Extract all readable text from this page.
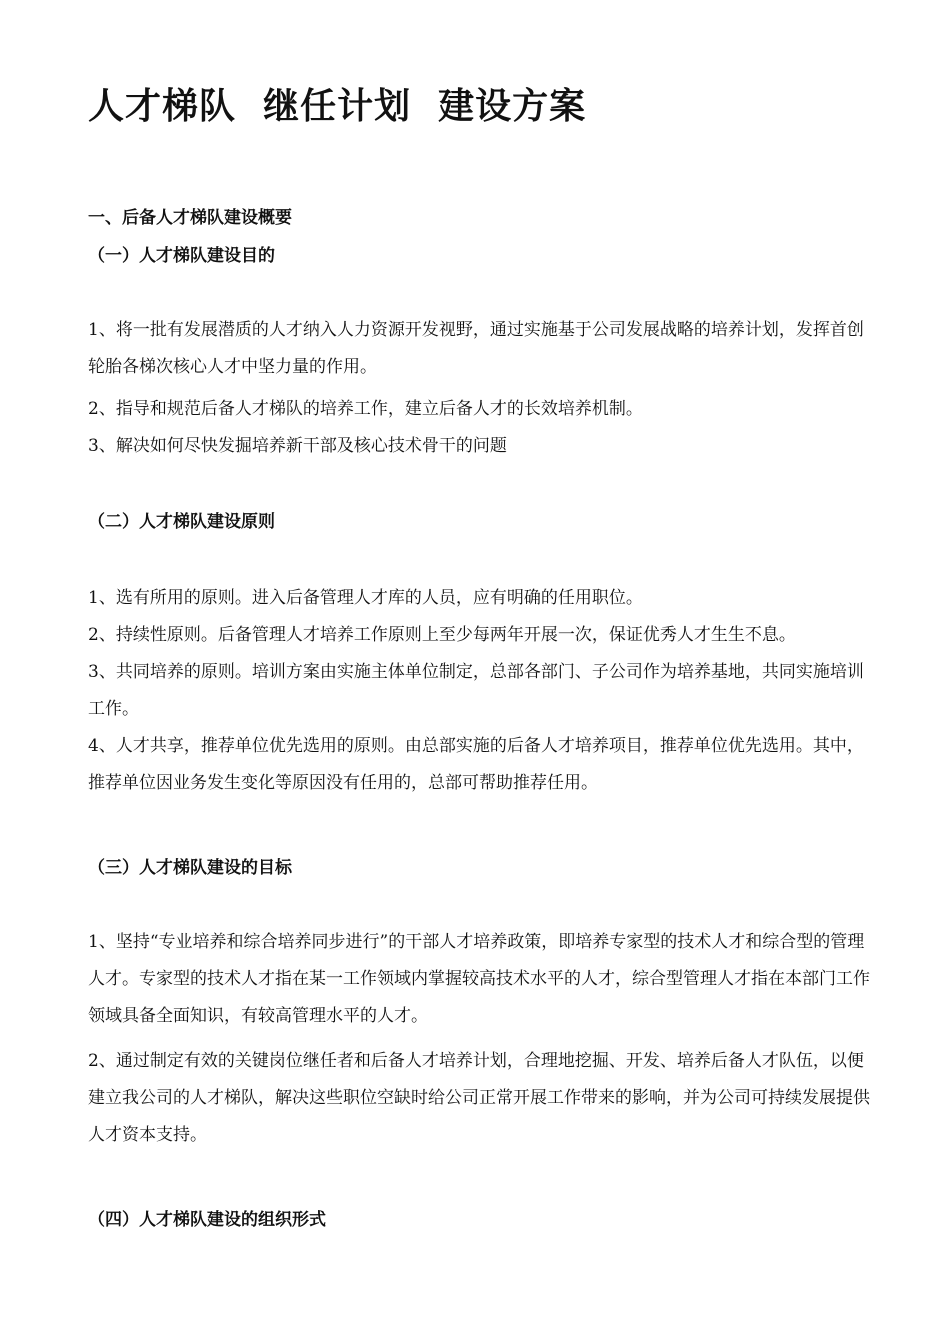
人才梯队  继任计划  建设方案
一、后备人才梯队建设概要
（一）人才梯队建设目的

1、将一批有发展潜质的人才纳入人力资源开发视野，通过实施基于公司发展战略的培养计划，发挥首创轮胎各梯次核心人才中坚力量的作用。

2、指导和规范后备人才梯队的培养工作，建立后备人才的长效培养机制。

3、解决如何尽快发掘培养新干部及核心技术骨干的问题

（二）人才梯队建设原则

1、选有所用的原则。进入后备管理人才库的人员，应有明确的任用职位。

2、持续性原则。后备管理人才培养工作原则上至少每两年开展一次，保证优秀人才生生不息。

3、共同培养的原则。培训方案由实施主体单位制定，总部各部门、子公司作为培养基地，共同实施培训工作。

4、人才共享，推荐单位优先选用的原则。由总部实施的后备人才培养项目，推荐单位优先选用。其中，推荐单位因业务发生变化等原因没有任用的，总部可帮助推荐任用。

（三）人才梯队建设的目标

1、坚持“专业培养和综合培养同步进行”的干部人才培养政策，即培养专家型的技术人才和综合型的管理人才。专家型的技术人才指在某一工作领域内掌握较高技术水平的人才，综合型管理人才指在本部门工作领域具备全面知识，有较高管理水平的人才。

2、通过制定有效的关键岗位继任者和后备人才培养计划，合理地挖掘、开发、培养后备人才队伍，以便建立我公司的人才梯队，解决这些职位空缺时给公司正常开展工作带来的影响，并为公司可持续发展提供人才资本支持。

（四）人才梯队建设的组织形式
